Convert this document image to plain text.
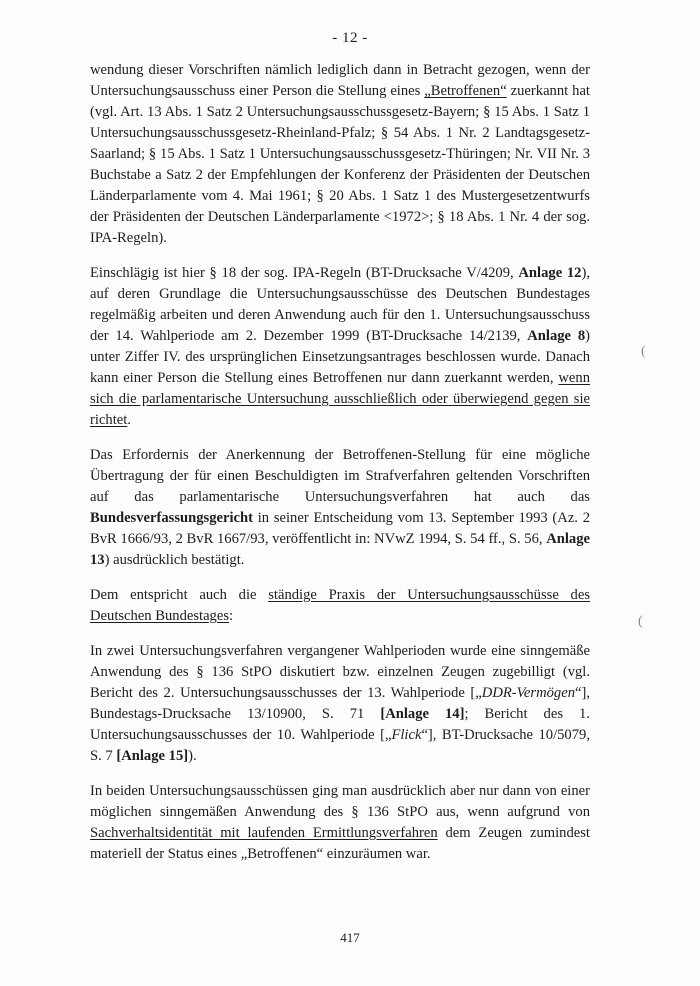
- 12 -

wendung dieser Vorschriften nämlich lediglich dann in Betracht gezogen, wenn der Untersuchungsausschuss einer Person die Stellung eines „Betroffenen“ zuerkannt hat (vgl. Art. 13 Abs. 1 Satz 2 Untersuchungsausschussgesetz-Bayern; § 15 Abs. 1 Satz 1 Untersuchungsausschussgesetz-Rheinland-Pfalz; § 54 Abs. 1 Nr. 2 Landtagsgesetz-Saarland; § 15 Abs. 1 Satz 1 Untersuchungsausschussgesetz-Thüringen; Nr. VII Nr. 3 Buchstabe a Satz 2 der Empfehlungen der Konferenz der Präsidenten der Deutschen Länderparlamente vom 4. Mai 1961; § 20 Abs. 1 Satz 1 des Mustergesetzentwurfs der Präsidenten der Deutschen Länderparlamente <1972>; § 18 Abs. 1 Nr. 4 der sog. IPA-Regeln).

Einschlägig ist hier § 18 der sog. IPA-Regeln (BT-Drucksache V/4209, Anlage 12), auf deren Grundlage die Untersuchungsausschüsse des Deutschen Bundestages regelmäßig arbeiten und deren Anwendung auch für den 1. Untersuchungsausschuss der 14. Wahlperiode am 2. Dezember 1999 (BT-Drucksache 14/2139, Anlage 8) unter Ziffer IV. des ursprünglichen Einsetzungsantrages beschlossen wurde. Danach kann einer Person die Stellung eines Betroffenen nur dann zuerkannt werden, wenn sich die parlamentarische Untersuchung ausschließlich oder überwiegend gegen sie richtet.

Das Erfordernis der Anerkennung der Betroffenen-Stellung für eine mögliche Übertragung der für einen Beschuldigten im Strafverfahren geltenden Vorschriften auf das parlamentarische Untersuchungsverfahren hat auch das Bundesverfassungsgericht in seiner Entscheidung vom 13. September 1993 (Az. 2 BvR 1666/93, 2 BvR 1667/93, veröffentlicht in: NVwZ 1994, S. 54 ff., S. 56, Anlage 13) ausdrücklich bestätigt.

Dem entspricht auch die ständige Praxis der Untersuchungsausschüsse des Deutschen Bundestages:

In zwei Untersuchungsverfahren vergangener Wahlperioden wurde eine sinngemäße Anwendung des § 136 StPO diskutiert bzw. einzelnen Zeugen zugebilligt (vgl. Bericht des 2. Untersuchungsausschusses der 13. Wahlperiode [„DDR-Vermögen“], Bundestags-Drucksache 13/10900, S. 71 [Anlage 14]; Bericht des 1. Untersuchungsausschusses der 10. Wahlperiode [„Flick“], BT-Drucksache 10/5079, S. 7 [Anlage 15]).

In beiden Untersuchungsausschüssen ging man ausdrücklich aber nur dann von einer möglichen sinngemäßen Anwendung des § 136 StPO aus, wenn aufgrund von Sachverhaltsidentität mit laufenden Ermittlungsverfahren dem Zeugen zumindest materiell der Status eines „Betroffenen“ einzuräumen war.

(
(
417
